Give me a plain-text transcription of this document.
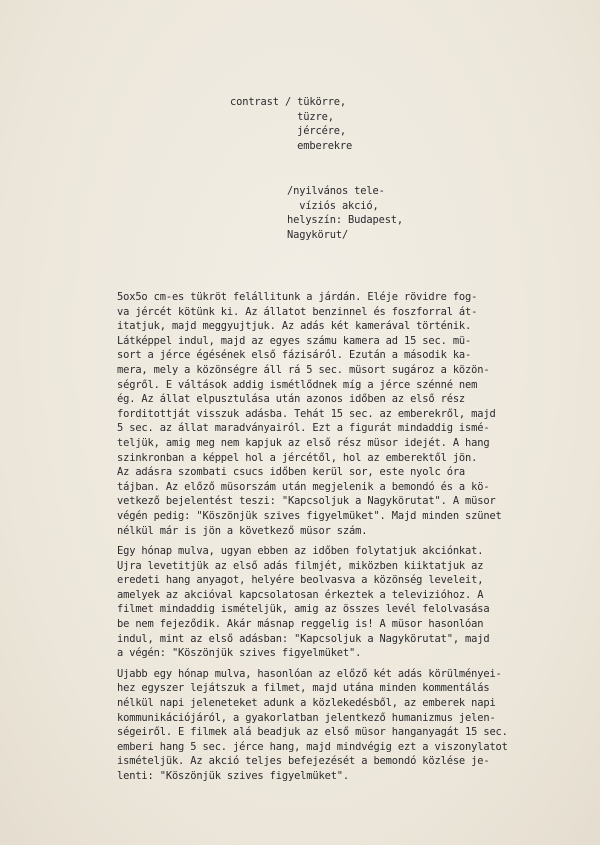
contrast / tükörre,
tüzre,
jércére,
emberekre
/nyilvános tele-
víziós akció,
helyszín: Budapest,
Nagykörut/
5ox5o cm-es tükröt felállitunk a járdán. Eléje rövidre fog-
va jércét kötünk ki. Az állatot benzinnel és foszforral át-
itatjuk, majd meggyujtjuk. Az adás két kamerával történik.
Látképpel indul, majd az egyes számu kamera ad 15 sec. mü-
sort a jérce égésének első fázisáról. Ezután a második ka-
mera, mely a közönségre áll rá 5 sec. müsort sugároz a közön-
ségről. E váltások addig ismétlődnek míg a jérce szénné nem
ég. Az állat elpusztulása után azonos időben az első rész
forditottját visszuk adásba. Tehát 15 sec. az emberekről, majd
5 sec. az állat maradványairól. Ezt a figurát mindaddig ismé-
teljük, amig meg nem kapjuk az első rész müsor idejét. A hang
szinkronban a képpel hol a jércétől, hol az emberektől jön.
Az adásra szombati csucs időben kerül sor, este nyolc óra
tájban. Az előző müsorszám után megjelenik a bemondó és a kö-
vetkező bejelentést teszi: "Kapcsoljuk a Nagykörutat". A müsor
végén pedig: "Köszönjük szives figyelmüket". Majd minden szünet
nélkül már is jön a következő müsor szám.
Egy hónap mulva, ugyan ebben az időben folytatjuk akciónkat.
Ujra levetitjük az első adás filmjét, miközben kiiktatjuk az
eredeti hang anyagot, helyére beolvasva a közönség leveleit,
amelyek az akcióval kapcsolatosan érkeztek a televizióhoz. A
filmet mindaddig ismételjük, amig az összes levél felolvasása
be nem fejeződik. Akár másnap reggelig is! A müsor hasonlóan
indul, mint az első adásban: "Kapcsoljuk a Nagykörutat", majd
a végén: "Köszönjük szives figyelmüket".
Ujabb egy hónap mulva, hasonlóan az előző két adás körülményei-
hez egyszer lejátszuk a filmet, majd utána minden kommentálás
nélkül napi jeleneteket adunk a közlekedésből, az emberek napi
kommunikációjáról, a gyakorlatban jelentkező humanizmus jelen-
ségeiről. E filmek alá beadjuk az első müsor hanganyagát 15 sec.
emberi hang 5 sec. jérce hang, majd mindvégig ezt a viszonylatot
ismételjük. Az akció teljes befejezését a bemondó közlése je-
lenti: "Köszönjük szives figyelmüket".
